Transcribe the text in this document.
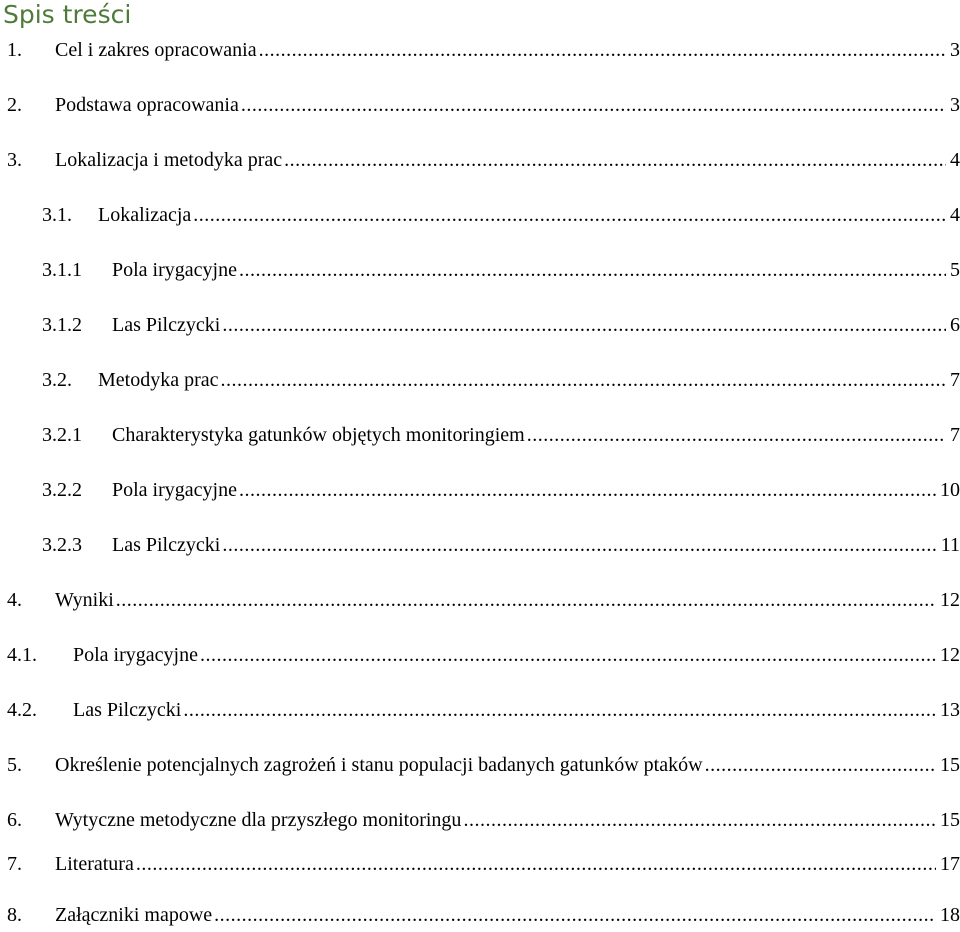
Spis treści
1.	Cel i zakres opracowania .....	3
2.	Podstawa opracowania .....	3
3.	Lokalizacja i metodyka prac .....	4
3.1.	Lokalizacja .....	4
3.1.1	Pola irygacyjne .....	5
3.1.2	Las Pilczycki .....	6
3.2.	Metodyka prac .....	7
3.2.1	Charakterystyka gatunków objętych monitoringiem .....	7
3.2.2	Pola irygacyjne .....	10
3.2.3	Las Pilczycki .....	11
4.	Wyniki .....	12
4.1.	Pola irygacyjne .....	12
4.2.	Las Pilczycki .....	13
5.	Określenie potencjalnych zagrożeń i stanu populacji badanych gatunków ptaków .....	15
6.	Wytyczne metodyczne dla przyszłego monitoringu .....	15
7.	Literatura .....	17
8.	Załączniki mapowe .....	18
